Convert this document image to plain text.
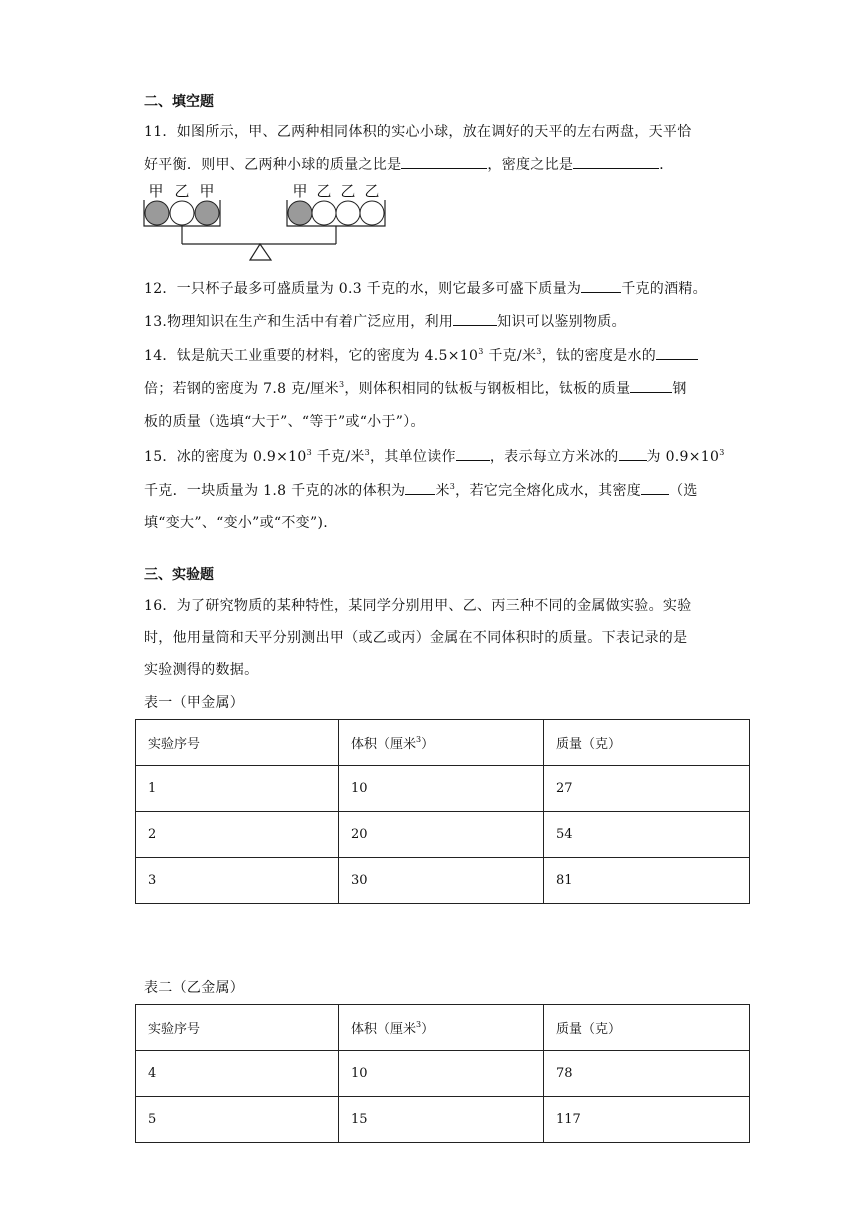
二、填空题
11．如图所示，甲、乙两种相同体积的实心小球，放在调好的天平的左右两盘，天平恰
好平衡．则甲、乙两种小球的质量之比是	，密度之比是	．
甲 乙 甲	甲 乙 乙 乙
12．一只杯子最多可盛质量为 0.3 千克的水，则它最多可盛下质量为	千克的酒精。
13.物理知识在生产和生活中有着广泛应用，利用	知识可以鉴别物质。
14．钛是航天工业重要的材料，它的密度为 $4.5\times 10^3$ 千克/米$^3$，钛的密度是水的
倍；若钢的密度为 7.8 克/厘米$^3$，则体积相同的钛板与钢板相比，钛板的质量	钢
板的质量（选填“大于”、“等于”或“小于”）。
15．冰的密度为 $0.9\times 10^3$ 千克/米$^3$，其单位读作 ，表示每立方米冰的 为 $0.9\times 10^3$
千克．一块质量为 1.8 千克的冰的体积为 米$^3$，若它完全熔化成水，其密度 （选
填“变大”、“变小”或“不变”).
三、实验题
16．为了研究物质的某种特性，某同学分别用甲、乙、丙三种不同的金属做实验。实验
时，他用量筒和天平分别测出甲（或乙或丙）金属在不同体积时的质量。下表记录的是
实验测得的数据。
表一（甲金属）
实验序号	体积（厘米$^3$）	质量（克）
1	10	27
2	20	54
3	30	81
表二（乙金属）
实验序号	体积（厘米$^3$）	质量（克）
4	10	78
5	15	117
